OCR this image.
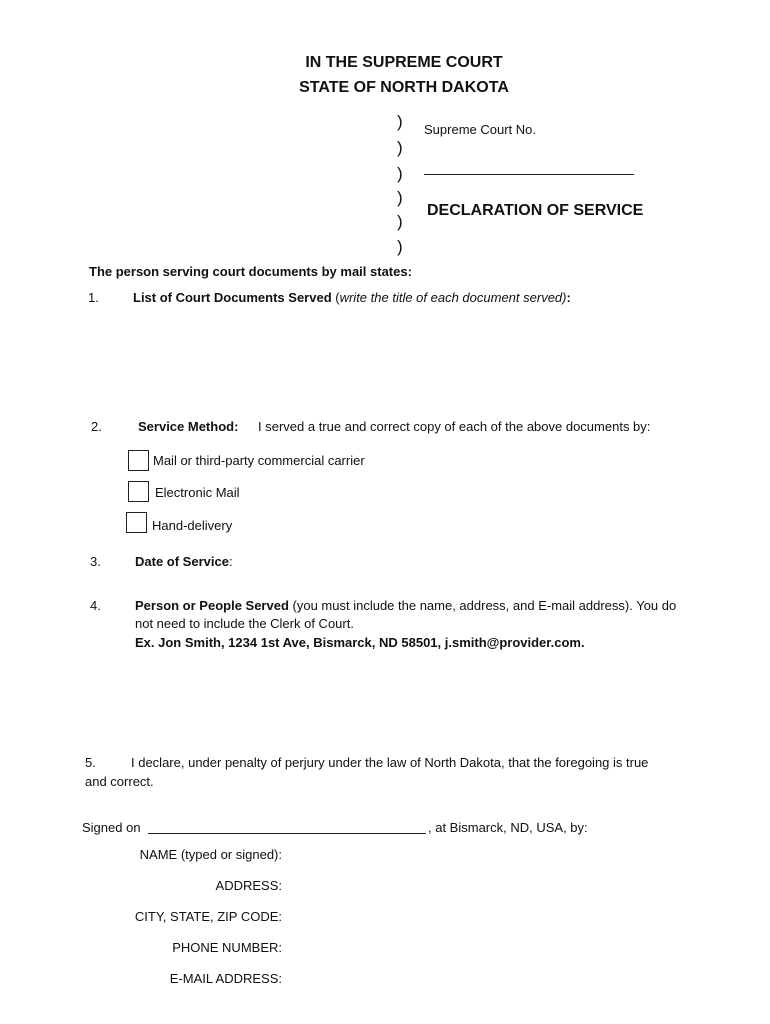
IN THE SUPREME COURT
STATE OF NORTH DAKOTA
)
)
)
)
)
)
Supreme Court No.
DECLARATION OF SERVICE
The person serving court documents by mail states:
1.	List of Court Documents Served (write the title of each document served):
2.	Service Method: I served a true and correct copy of each of the above documents by:
Mail or third-party commercial carrier
Electronic Mail
Hand-delivery
3.	Date of Service:
4.	Person or People Served (you must include the name, address, and E-mail address). You do
not need to include the Clerk of Court.
Ex. Jon Smith, 1234 1st Ave, Bismarck, ND 58501, j.smith@provider.com.
5.	I declare, under penalty of perjury under the law of North Dakota, that the foregoing is true
and correct.
Signed on	, at Bismarck, ND, USA, by:
NAME (typed or signed):
ADDRESS:
CITY, STATE, ZIP CODE:
PHONE NUMBER:
E-MAIL ADDRESS:
